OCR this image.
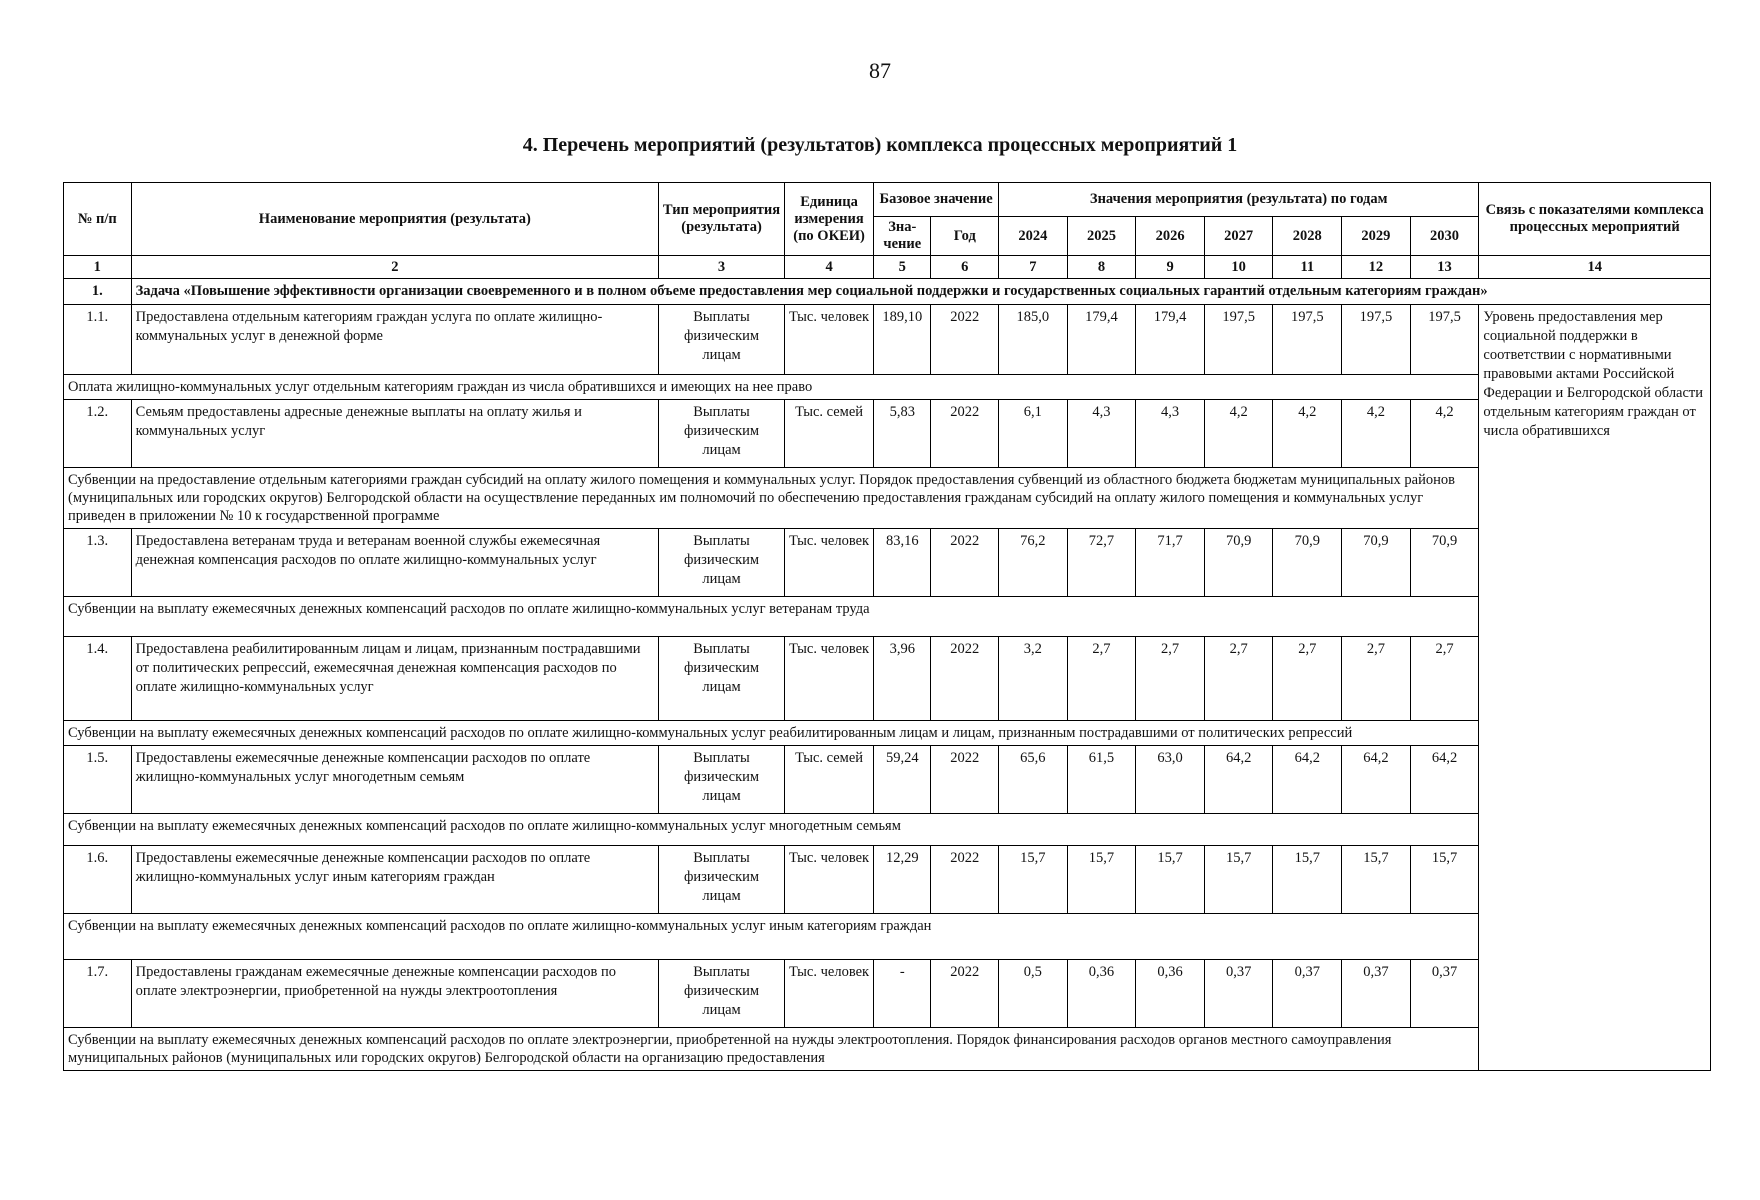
87
4. Перечень мероприятий (результатов) комплекса процессных мероприятий 1
№ п/п	Наименование мероприятия (результата)	Тип мероприятия (результата)	Единица измерения (по ОКЕИ)	Базовое значение		Значения мероприятия (результата) по годам							Связь с показателями комплекса процессных мероприятий
				Зна-чение	Год	2024	2025	2026	2027	2028	2029	2030	
1	2	3	4	5	6	7	8	9	10	11	12	13	14
1.	Задача «Повышение эффективности организации своевременного и в полном объеме предоставления мер социальной поддержки и государственных социальных гарантий отдельным категориям граждан»												
1.1.	Предоставлена отдельным категориям граждан услуга по оплате жилищно-коммунальных услуг в денежной форме	Выплаты физическим лицам	Тыс. человек	189,10	2022	185,0	179,4	179,4	197,5	197,5	197,5	197,5	Уровень предоставления мер социальной поддержки в соответствии с нормативными правовыми актами Российской Федерации и Белгородской области отдельным категориям граждан от числа обратившихся
Оплата жилищно-коммунальных услуг отдельным категориям граждан из числа обратившихся и имеющих на нее право													
1.2.	Семьям предоставлены адресные денежные выплаты на оплату жилья и коммунальных услуг	Выплаты физическим лицам	Тыс. семей	5,83	2022	6,1	4,3	4,3	4,2	4,2	4,2	4,2	
Субвенции на предоставление отдельным категориями граждан субсидий на оплату жилого помещения и коммунальных услуг. Порядок предоставления субвенций из областного бюджета бюджетам муниципальных районов (муниципальных или городских округов) Белгородской области на осуществление переданных им полномочий по обеспечению предоставления гражданам субсидий на оплату жилого помещения и коммунальных услуг приведен в приложении № 10 к государственной программе													
1.3.	Предоставлена ветеранам труда и ветеранам военной службы ежемесячная денежная компенсация расходов по оплате жилищно-коммунальных услуг	Выплаты физическим лицам	Тыс. человек	83,16	2022	76,2	72,7	71,7	70,9	70,9	70,9	70,9	
Субвенции на выплату ежемесячных денежных компенсаций расходов по оплате жилищно-коммунальных услуг ветеранам труда													
1.4.	Предоставлена реабилитированным лицам и лицам, признанным пострадавшими от политических репрессий, ежемесячная денежная компенсация расходов по оплате жилищно-коммунальных услуг	Выплаты физическим лицам	Тыс. человек	3,96	2022	3,2	2,7	2,7	2,7	2,7	2,7	2,7	
Субвенции на выплату ежемесячных денежных компенсаций расходов по оплате жилищно-коммунальных услуг реабилитированным лицам и лицам, признанным пострадавшими от политических репрессий													
1.5.	Предоставлены ежемесячные денежные компенсации расходов по оплате жилищно-коммунальных услуг многодетным семьям	Выплаты физическим лицам	Тыс. семей	59,24	2022	65,6	61,5	63,0	64,2	64,2	64,2	64,2	
Субвенции на выплату ежемесячных денежных компенсаций расходов по оплате жилищно-коммунальных услуг многодетным семьям													
1.6.	Предоставлены ежемесячные денежные компенсации расходов по оплате жилищно-коммунальных услуг иным категориям граждан	Выплаты физическим лицам	Тыс. человек	12,29	2022	15,7	15,7	15,7	15,7	15,7	15,7	15,7	
Субвенции на выплату ежемесячных денежных компенсаций расходов по оплате жилищно-коммунальных услуг иным категориям граждан													
1.7.	Предоставлены гражданам ежемесячные денежные компенсации расходов по оплате электроэнергии, приобретенной на нужды электроотопления	Выплаты физическим лицам	Тыс. человек	-	2022	0,5	0,36	0,36	0,37	0,37	0,37	0,37	
Субвенции на выплату ежемесячных денежных компенсаций расходов по оплате электроэнергии, приобретенной на нужды электроотопления. Порядок финансирования расходов органов местного самоуправления муниципальных районов (муниципальных или городских округов) Белгородской области на организацию предоставления													
